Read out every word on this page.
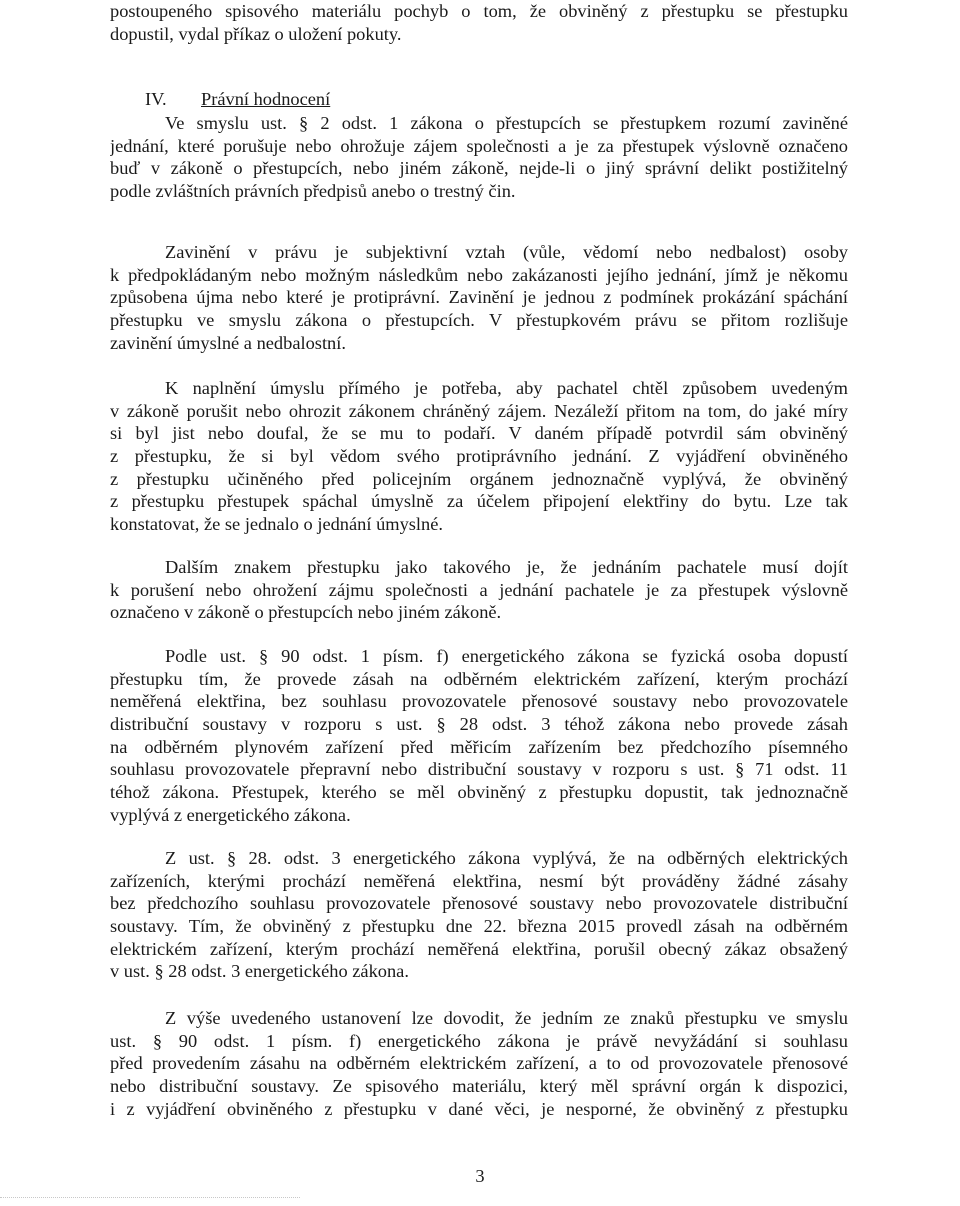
postoupeného spisového materiálu pochyb o tom, že obviněný z přestupku se přestupku
dopustil, vydal příkaz o uložení pokuty.
IV. Právní hodnocení
Ve smyslu ust. § 2 odst. 1 zákona o přestupcích se přestupkem rozumí zaviněné
jednání, které porušuje nebo ohrožuje zájem společnosti a je za přestupek výslovně označeno
buď v zákoně o přestupcích, nebo jiném zákoně, nejde-li o jiný správní delikt postižitelný
podle zvláštních právních předpisů anebo o trestný čin.
Zavinění v právu je subjektivní vztah (vůle, vědomí nebo nedbalost) osoby
k předpokládaným nebo možným následkům nebo zakázanosti jejího jednání, jímž je někomu
způsobena újma nebo které je protiprávní. Zavinění je jednou z podmínek prokázání spáchání
přestupku ve smyslu zákona o přestupcích. V přestupkovém právu se přitom rozlišuje
zavinění úmyslné a nedbalostní.
K naplnění úmyslu přímého je potřeba, aby pachatel chtěl způsobem uvedeným
v zákoně porušit nebo ohrozit zákonem chráněný zájem. Nezáleží přitom na tom, do jaké míry
si byl jist nebo doufal, že se mu to podaří. V daném případě potvrdil sám obviněný
z přestupku, že si byl vědom svého protiprávního jednání. Z vyjádření obviněného
z přestupku učiněného před policejním orgánem jednoznačně vyplývá, že obviněný
z přestupku přestupek spáchal úmyslně za účelem připojení elektřiny do bytu. Lze tak
konstatovat, že se jednalo o jednání úmyslné.
Dalším znakem přestupku jako takového je, že jednáním pachatele musí dojít
k porušení nebo ohrožení zájmu společnosti a jednání pachatele je za přestupek výslovně
označeno v zákoně o přestupcích nebo jiném zákoně.
Podle ust. § 90 odst. 1 písm. f) energetického zákona se fyzická osoba dopustí
přestupku tím, že provede zásah na odběrném elektrickém zařízení, kterým prochází
neměřená elektřina, bez souhlasu provozovatele přenosové soustavy nebo provozovatele
distribuční soustavy v rozporu s ust. § 28 odst. 3 téhož zákona nebo provede zásah
na odběrném plynovém zařízení před měřicím zařízením bez předchozího písemného
souhlasu provozovatele přepravní nebo distribuční soustavy v rozporu s ust. § 71 odst. 11
téhož zákona. Přestupek, kterého se měl obviněný z přestupku dopustit, tak jednoznačně
vyplývá z energetického zákona.
Z ust. § 28. odst. 3 energetického zákona vyplývá, že na odběrných elektrických
zařízeních, kterými prochází neměřená elektřina, nesmí být prováděny žádné zásahy
bez předchozího souhlasu provozovatele přenosové soustavy nebo provozovatele distribuční
soustavy. Tím, že obviněný z přestupku dne 22. března 2015 provedl zásah na odběrném
elektrickém zařízení, kterým prochází neměřená elektřina, porušil obecný zákaz obsažený
v ust. § 28 odst. 3 energetického zákona.
Z výše uvedeného ustanovení lze dovodit, že jedním ze znaků přestupku ve smyslu
ust. § 90 odst. 1 písm. f) energetického zákona je právě nevyžádání si souhlasu
před provedením zásahu na odběrném elektrickém zařízení, a to od provozovatele přenosové
nebo distribuční soustavy. Ze spisového materiálu, který měl správní orgán k dispozici,
i z vyjádření obviněného z přestupku v dané věci, je nesporné, že obviněný z přestupku
3
